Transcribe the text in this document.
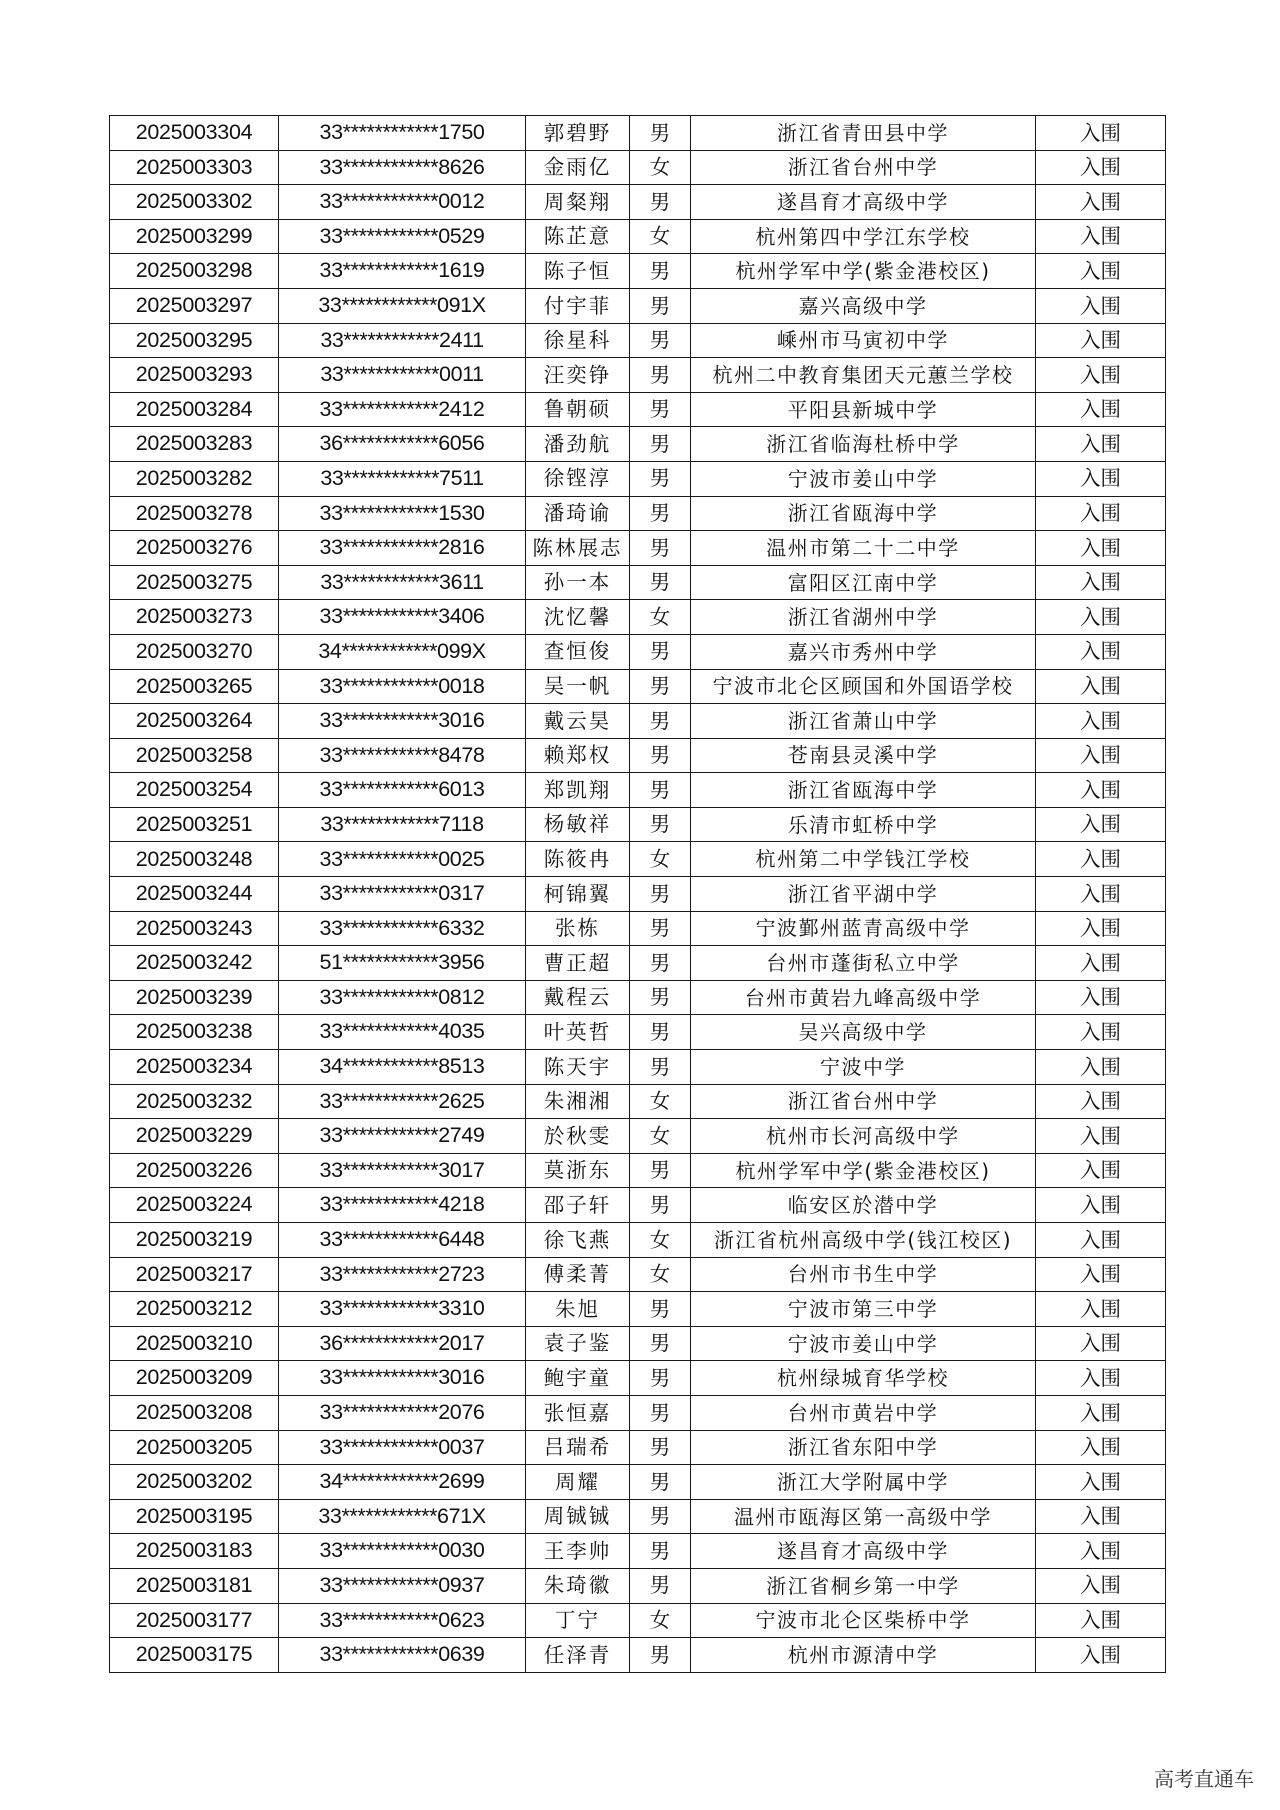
2025003304	33************1750	郭碧野	男	浙江省青田县中学	入围
2025003303	33************8626	金雨亿	女	浙江省台州中学	入围
2025003302	33************0012	周粲翔	男	遂昌育才高级中学	入围
2025003299	33************0529	陈芷意	女	杭州第四中学江东学校	入围
2025003298	33************1619	陈子恒	男	杭州学军中学(紫金港校区)	入围
2025003297	33************091X	付宇菲	男	嘉兴高级中学	入围
2025003295	33************2411	徐星科	男	嵊州市马寅初中学	入围
2025003293	33************0011	汪奕铮	男	杭州二中教育集团天元蕙兰学校	入围
2025003284	33************2412	鲁朝硕	男	平阳县新城中学	入围
2025003283	36************6056	潘劲航	男	浙江省临海杜桥中学	入围
2025003282	33************7511	徐铿淳	男	宁波市姜山中学	入围
2025003278	33************1530	潘琦谕	男	浙江省瓯海中学	入围
2025003276	33************2816	陈林展志	男	温州市第二十二中学	入围
2025003275	33************3611	孙一本	男	富阳区江南中学	入围
2025003273	33************3406	沈忆馨	女	浙江省湖州中学	入围
2025003270	34************099X	查恒俊	男	嘉兴市秀州中学	入围
2025003265	33************0018	吴一帆	男	宁波市北仑区顾国和外国语学校	入围
2025003264	33************3016	戴云昊	男	浙江省萧山中学	入围
2025003258	33************8478	赖郑权	男	苍南县灵溪中学	入围
2025003254	33************6013	郑凯翔	男	浙江省瓯海中学	入围
2025003251	33************7118	杨敏祥	男	乐清市虹桥中学	入围
2025003248	33************0025	陈筱冉	女	杭州第二中学钱江学校	入围
2025003244	33************0317	柯锦翼	男	浙江省平湖中学	入围
2025003243	33************6332	张栋	男	宁波鄞州蓝青高级中学	入围
2025003242	51************3956	曹正超	男	台州市蓬街私立中学	入围
2025003239	33************0812	戴程云	男	台州市黄岩九峰高级中学	入围
2025003238	33************4035	叶英哲	男	吴兴高级中学	入围
2025003234	34************8513	陈天宇	男	宁波中学	入围
2025003232	33************2625	朱湘湘	女	浙江省台州中学	入围
2025003229	33************2749	於秋雯	女	杭州市长河高级中学	入围
2025003226	33************3017	莫浙东	男	杭州学军中学(紫金港校区)	入围
2025003224	33************4218	邵子轩	男	临安区於潜中学	入围
2025003219	33************6448	徐飞燕	女	浙江省杭州高级中学(钱江校区)	入围
2025003217	33************2723	傅柔菁	女	台州市书生中学	入围
2025003212	33************3310	朱旭	男	宁波市第三中学	入围
2025003210	36************2017	袁子鉴	男	宁波市姜山中学	入围
2025003209	33************3016	鲍宇童	男	杭州绿城育华学校	入围
2025003208	33************2076	张恒嘉	男	台州市黄岩中学	入围
2025003205	33************0037	吕瑞希	男	浙江省东阳中学	入围
2025003202	34************2699	周耀	男	浙江大学附属中学	入围
2025003195	33************671X	周铖铖	男	温州市瓯海区第一高级中学	入围
2025003183	33************0030	王李帅	男	遂昌育才高级中学	入围
2025003181	33************0937	朱琦徽	男	浙江省桐乡第一中学	入围
2025003177	33************0623	丁宁	女	宁波市北仑区柴桥中学	入围
2025003175	33************0639	任泽青	男	杭州市源清中学	入围
高考直通车
